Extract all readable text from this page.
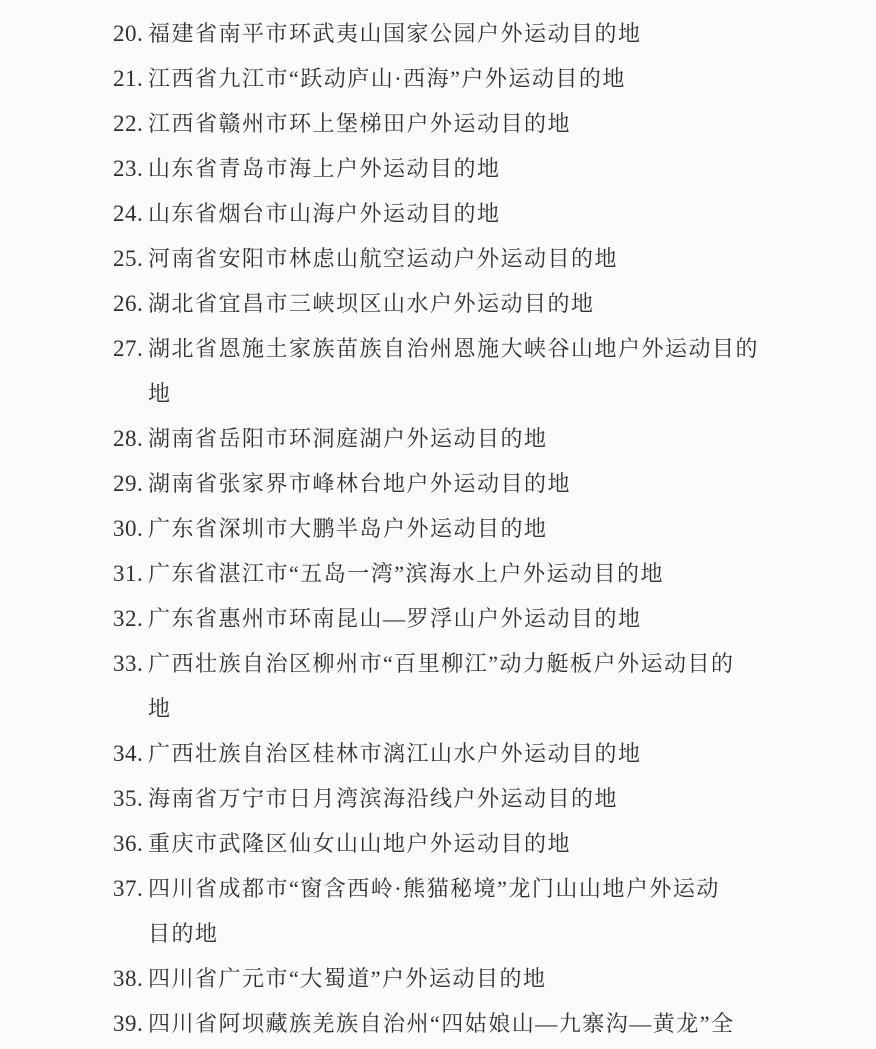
20. 福建省南平市环武夷山国家公园户外运动目的地
21. 江西省九江市“跃动庐山·西海”户外运动目的地
22. 江西省赣州市环上堡梯田户外运动目的地
23. 山东省青岛市海上户外运动目的地
24. 山东省烟台市山海户外运动目的地
25. 河南省安阳市林虑山航空运动户外运动目的地
26. 湖北省宜昌市三峡坝区山水户外运动目的地
27. 湖北省恩施土家族苗族自治州恩施大峡谷山地户外运动目的
地
28. 湖南省岳阳市环洞庭湖户外运动目的地
29. 湖南省张家界市峰林台地户外运动目的地
30. 广东省深圳市大鹏半岛户外运动目的地
31. 广东省湛江市“五岛一湾”滨海水上户外运动目的地
32. 广东省惠州市环南昆山—罗浮山户外运动目的地
33. 广西壮族自治区柳州市“百里柳江”动力艇板户外运动目的
地
34. 广西壮族自治区桂林市漓江山水户外运动目的地
35. 海南省万宁市日月湾滨海沿线户外运动目的地
36. 重庆市武隆区仙女山山地户外运动目的地
37. 四川省成都市“窗含西岭·熊猫秘境”龙门山山地户外运动
目的地
38. 四川省广元市“大蜀道”户外运动目的地
39. 四川省阿坝藏族羌族自治州“四姑娘山—九寨沟—黄龙”全
